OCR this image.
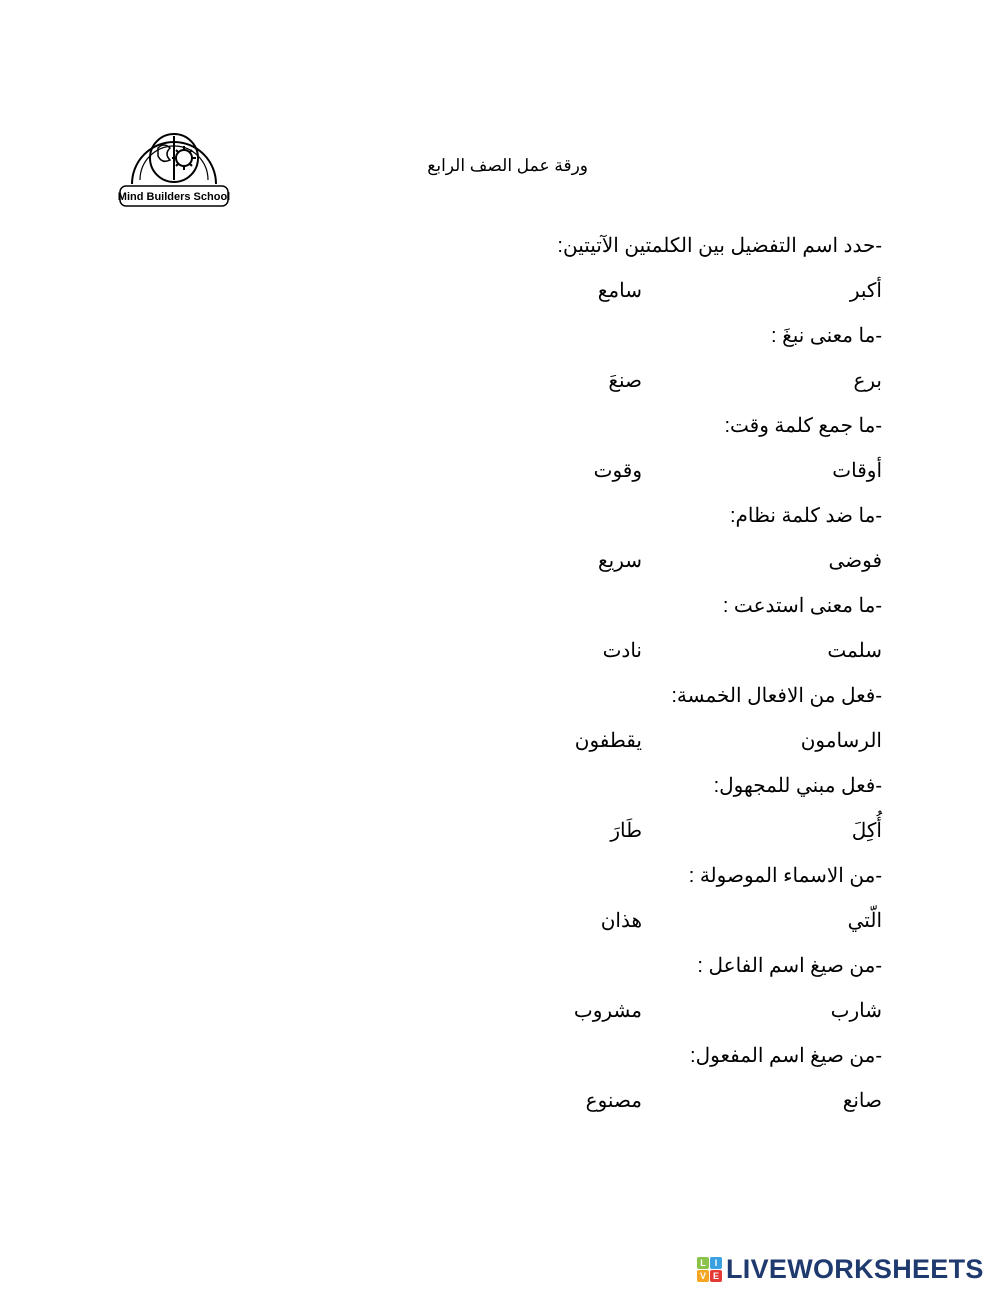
Mind Builders School
ورقة عمل الصف الرابع
-حدد اسم التفضيل بين الكلمتين الآتيتين:
أكبر
سامع
-ما معنى نبغَ :
برع
صنعَ
-ما جمع كلمة وقت:
أوقات
وقوت
-ما ضد كلمة نظام:
فوضى
سريع
-ما معنى استدعت :
سلمت
نادت
-فعل من الافعال الخمسة:
الرسامون
يقطفون
-فعل مبني للمجهول:
أُكِلَ
طَارَ
-من الاسماء الموصولة :
الّتي
هذان
-من صيغ اسم الفاعل :
شارب
مشروب
-من صيغ اسم المفعول:
صانع
مصنوع
L I
V E LIVEWORKSHEETS
